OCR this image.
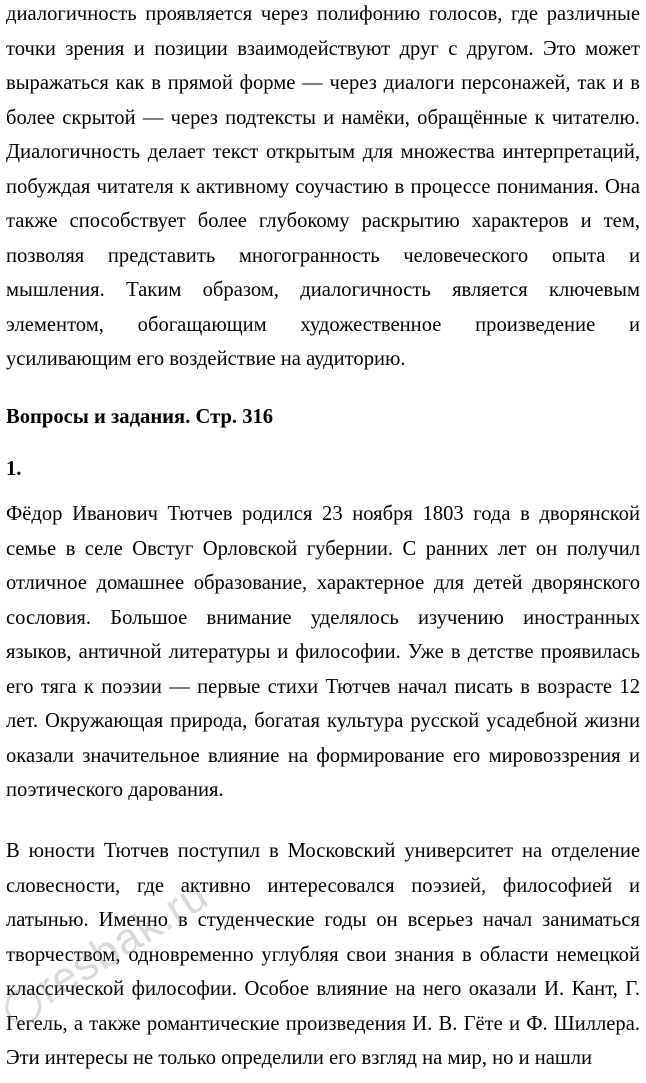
диалогичность проявляется через полифонию голосов, где различные точки зрения и позиции взаимодействуют друг с другом. Это может выражаться как в прямой форме — через диалоги персонажей, так и в более скрытой — через подтексты и намёки, обращённые к читателю. Диалогичность делает текст открытым для множества интерпретаций, побуждая читателя к активному соучастию в процессе понимания. Она также способствует более глубокому раскрытию характеров и тем, позволяя представить многогранность человеческого опыта и мышления. Таким образом, диалогичность является ключевым элементом, обогащающим художественное произведение и усиливающим его воздействие на аудиторию.

Вопросы и задания. Стр. 316

1.

Фёдор Иванович Тютчев родился 23 ноября 1803 года в дворянской семье в селе Овстуг Орловской губернии. С ранних лет он получил отличное домашнее образование, характерное для детей дворянского сословия. Большое внимание уделялось изучению иностранных языков, античной литературы и философии. Уже в детстве проявилась его тяга к поэзии — первые стихи Тютчев начал писать в возрасте 12 лет. Окружающая природа, богатая культура русской усадебной жизни оказали значительное влияние на формирование его мировоззрения и поэтического дарования.

В юности Тютчев поступил в Московский университет на отделение словесности, где активно интересовался поэзией, философией и латынью. Именно в студенческие годы он всерьез начал заниматься творчеством, одновременно углубляя свои знания в области немецкой классической философии. Особое влияние на него оказали И. Кант, Г. Гегель, а также романтические произведения И. В. Гёте и Ф. Шиллера. Эти интересы не только определили его взгляд на мир, но и нашли

resbak.ru
